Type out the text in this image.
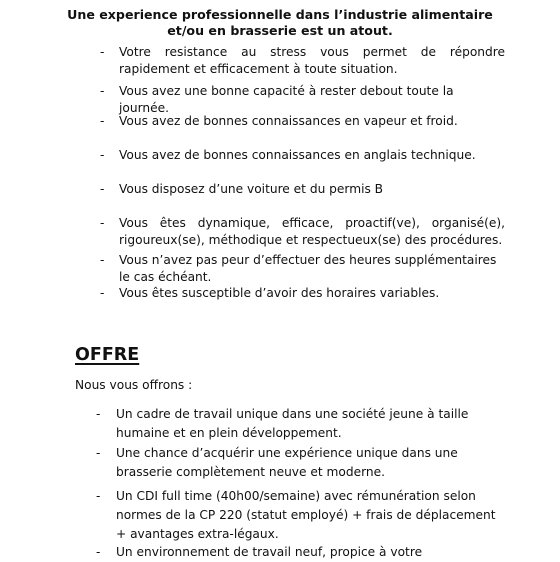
Une experience professionnelle dans l’industrie alimentaire
et/ou en brasserie est un atout.
- Votre resistance au stress vous permet de répondre rapidement et efficacement à toute situation.
- Vous avez une bonne capacité à rester debout toute la journée.
- Vous avez de bonnes connaissances en vapeur et froid.
- Vous avez de bonnes connaissances en anglais technique.
- Vous disposez d’une voiture et du permis B
- Vous êtes dynamique, efficace, proactif(ve), organisé(e), rigoureux(se), méthodique et respectueux(se) des procédures.
- Vous n’avez pas peur d’effectuer des heures supplémentaires le cas échéant.
- Vous êtes susceptible d’avoir des horaires variables.
OFFRE
Nous vous offrons :
- Un cadre de travail unique dans une société jeune à taille humaine et en plein développement.
- Une chance d’acquérir une expérience unique dans une brasserie complètement neuve et moderne.
- Un CDI full time (40h00/semaine) avec rémunération selon normes de la CP 220 (statut employé) + frais de déplacement + avantages extra-légaux.
- Un environnement de travail neuf, propice à votre
